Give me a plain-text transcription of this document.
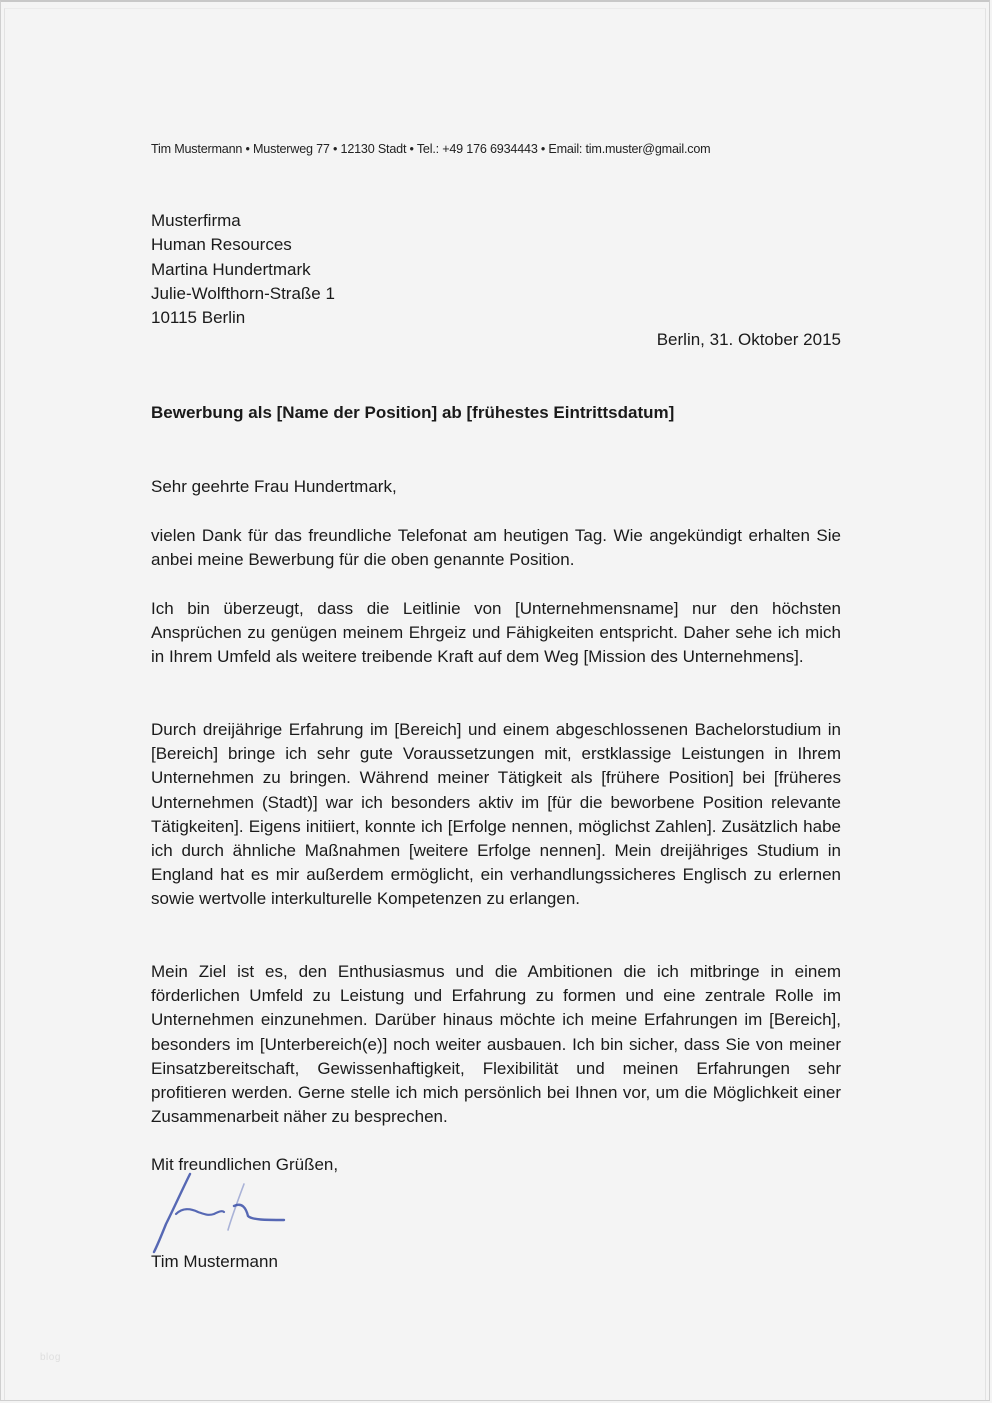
Tim Mustermann • Musterweg 77 • 12130 Stadt • Tel.: +49 176 6934443 • Email: tim.muster@gmail.com
Musterfirma
Human Resources
Martina Hundertmark
Julie-Wolfthorn-Straße 1
10115 Berlin
Berlin, 31. Oktober 2015
Bewerbung als [Name der Position] ab [frühestes Eintrittsdatum]
Sehr geehrte Frau Hundertmark,
vielen Dank für das freundliche Telefonat am heutigen Tag. Wie angekündigt erhalten Sie anbei meine Bewerbung für die oben genannte Position.
Ich bin überzeugt, dass die Leitlinie von [Unternehmensname] nur den höchsten Ansprüchen zu genügen meinem Ehrgeiz und Fähigkeiten entspricht. Daher sehe ich mich in Ihrem Umfeld als weitere treibende Kraft auf dem Weg [Mission des Unternehmens].
Durch dreijährige Erfahrung im [Bereich] und einem abgeschlossenen Bachelorstudium in [Bereich] bringe ich sehr gute Voraussetzungen mit, erstklassige Leistungen in Ihrem Unternehmen zu bringen. Während meiner Tätigkeit als [frühere Position] bei [früheres Unternehmen (Stadt)] war ich besonders aktiv im [für die beworbene Position relevante Tätigkeiten]. Eigens initiiert, konnte ich [Erfolge nennen, möglichst Zahlen]. Zusätzlich habe ich durch ähnliche Maßnahmen [weitere Erfolge nennen]. Mein dreijähriges Studium in England hat es mir außerdem ermöglicht, ein verhandlungssicheres Englisch zu erlernen sowie wertvolle interkulturelle Kompetenzen zu erlangen.
Mein Ziel ist es, den Enthusiasmus und die Ambitionen die ich mitbringe in einem förderlichen Umfeld zu Leistung und Erfahrung zu formen und eine zentrale Rolle im Unternehmen einzunehmen. Darüber hinaus möchte ich meine Erfahrungen im [Bereich], besonders im [Unterbereich(e)] noch weiter ausbauen. Ich bin sicher, dass Sie von meiner Einsatzbereitschaft, Gewissenhaftigkeit, Flexibilität und meinen Erfahrungen sehr profitieren werden. Gerne stelle ich mich persönlich bei Ihnen vor, um die Möglichkeit einer Zusammenarbeit näher zu besprechen.
Mit freundlichen Grüßen,
Tim Mustermann
blog
